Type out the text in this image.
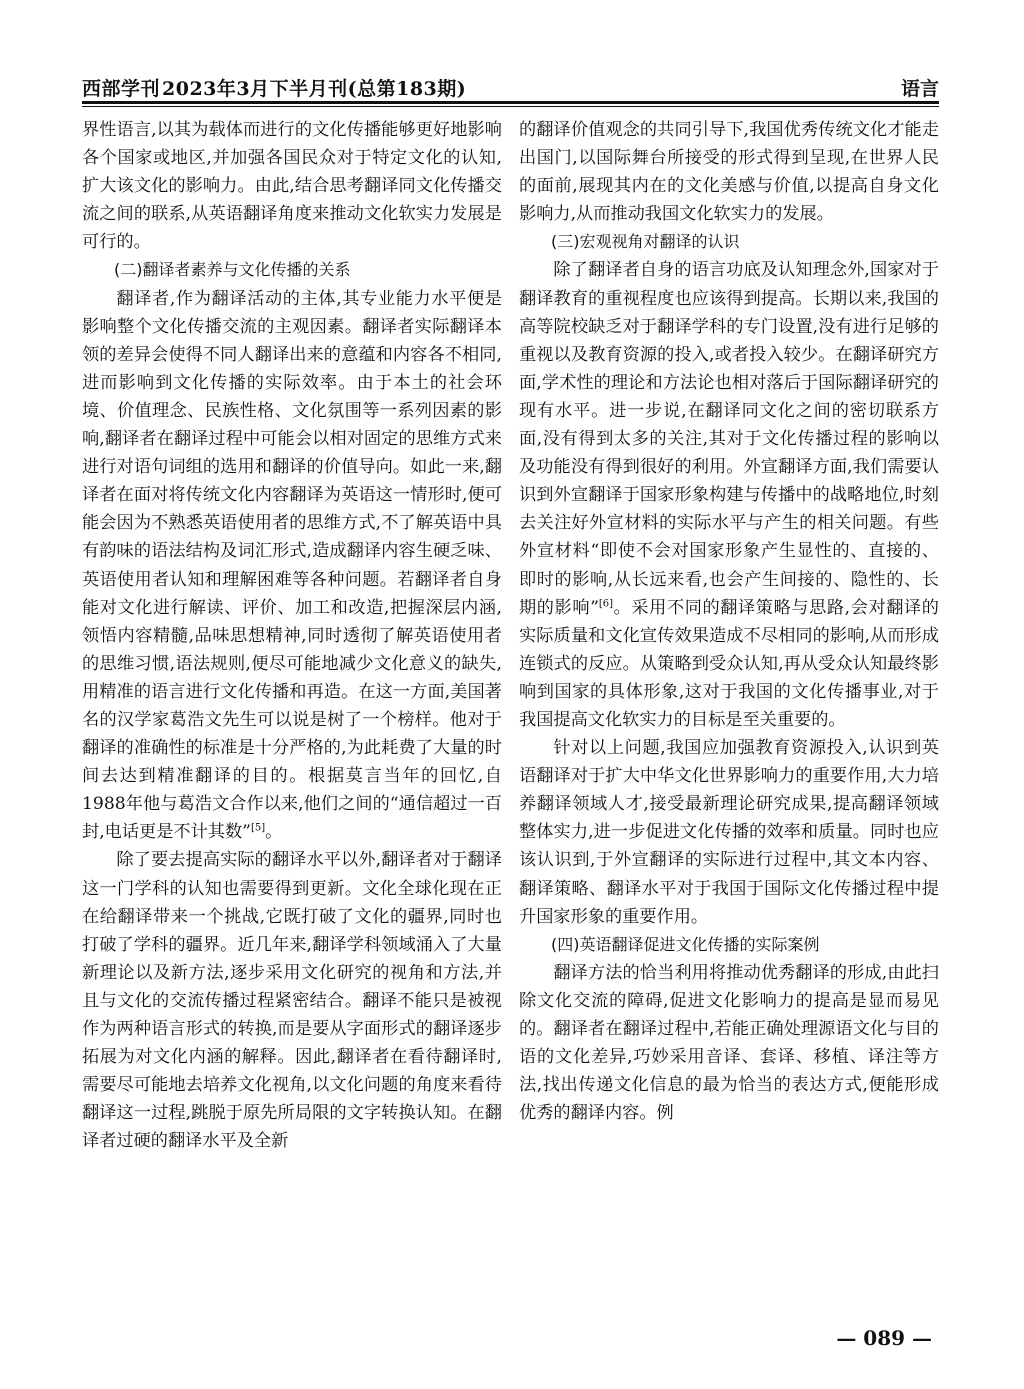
西部学刊 2023年3月下半月刊(总第183期)	语言

界性语言,以其为载体而进行的文化传播能够更好地影响各个国家或地区,并加强各国民众对于特定文化的认知,扩大该文化的影响力。由此,结合思考翻译同文化传播交流之间的联系,从英语翻译角度来推动文化软实力发展是可行的。

(二)翻译者素养与文化传播的关系

翻译者,作为翻译活动的主体,其专业能力水平便是影响整个文化传播交流的主观因素。翻译者实际翻译本领的差异会使得不同人翻译出来的意蕴和内容各不相同,进而影响到文化传播的实际效率。由于本土的社会环境、价值理念、民族性格、文化氛围等一系列因素的影响,翻译者在翻译过程中可能会以相对固定的思维方式来进行对语句词组的选用和翻译的价值导向。如此一来,翻译者在面对将传统文化内容翻译为英语这一情形时,便可能会因为不熟悉英语使用者的思维方式,不了解英语中具有韵味的语法结构及词汇形式,造成翻译内容生硬乏味、英语使用者认知和理解困难等各种问题。若翻译者自身能对文化进行解读、评价、加工和改造,把握深层内涵,领悟内容精髓,品味思想精神,同时透彻了解英语使用者的思维习惯,语法规则,便尽可能地减少文化意义的缺失,用精准的语言进行文化传播和再造。在这一方面,美国著名的汉学家葛浩文先生可以说是树了一个榜样。他对于翻译的准确性的标准是十分严格的,为此耗费了大量的时间去达到精准翻译的目的。根据莫言当年的回忆,自1988年他与葛浩文合作以来,他们之间的“通信超过一百封,电话更是不计其数”[5]。

除了要去提高实际的翻译水平以外,翻译者对于翻译这一门学科的认知也需要得到更新。文化全球化现在正在给翻译带来一个挑战,它既打破了文化的疆界,同时也打破了学科的疆界。近几年来,翻译学科领域涌入了大量新理论以及新方法,逐步采用文化研究的视角和方法,并且与文化的交流传播过程紧密结合。翻译不能只是被视作为两种语言形式的转换,而是要从字面形式的翻译逐步拓展为对文化内涵的解释。因此,翻译者在看待翻译时,需要尽可能地去培养文化视角,以文化问题的角度来看待翻译这一过程,跳脱于原先所局限的文字转换认知。在翻译者过硬的翻译水平及全新

的翻译价值观念的共同引导下,我国优秀传统文化才能走出国门,以国际舞台所接受的形式得到呈现,在世界人民的面前,展现其内在的文化美感与价值,以提高自身文化影响力,从而推动我国文化软实力的发展。

(三)宏观视角对翻译的认识

除了翻译者自身的语言功底及认知理念外,国家对于翻译教育的重视程度也应该得到提高。长期以来,我国的高等院校缺乏对于翻译学科的专门设置,没有进行足够的重视以及教育资源的投入,或者投入较少。在翻译研究方面,学术性的理论和方法论也相对落后于国际翻译研究的现有水平。进一步说,在翻译同文化之间的密切联系方面,没有得到太多的关注,其对于文化传播过程的影响以及功能没有得到很好的利用。外宣翻译方面,我们需要认识到外宣翻译于国家形象构建与传播中的战略地位,时刻去关注好外宣材料的实际水平与产生的相关问题。有些外宣材料“即使不会对国家形象产生显性的、直接的、即时的影响,从长远来看,也会产生间接的、隐性的、长期的影响”[6]。采用不同的翻译策略与思路,会对翻译的实际质量和文化宣传效果造成不尽相同的影响,从而形成连锁式的反应。从策略到受众认知,再从受众认知最终影响到国家的具体形象,这对于我国的文化传播事业,对于我国提高文化软实力的目标是至关重要的。

针对以上问题,我国应加强教育资源投入,认识到英语翻译对于扩大中华文化世界影响力的重要作用,大力培养翻译领域人才,接受最新理论研究成果,提高翻译领域整体实力,进一步促进文化传播的效率和质量。同时也应该认识到,于外宣翻译的实际进行过程中,其文本内容、翻译策略、翻译水平对于我国于国际文化传播过程中提升国家形象的重要作用。

(四)英语翻译促进文化传播的实际案例

翻译方法的恰当利用将推动优秀翻译的形成,由此扫除文化交流的障碍,促进文化影响力的提高是显而易见的。翻译者在翻译过程中,若能正确处理源语文化与目的语的文化差异,巧妙采用音译、套译、移植、译注等方法,找出传递文化信息的最为恰当的表达方式,便能形成优秀的翻译内容。例

— 089 —
